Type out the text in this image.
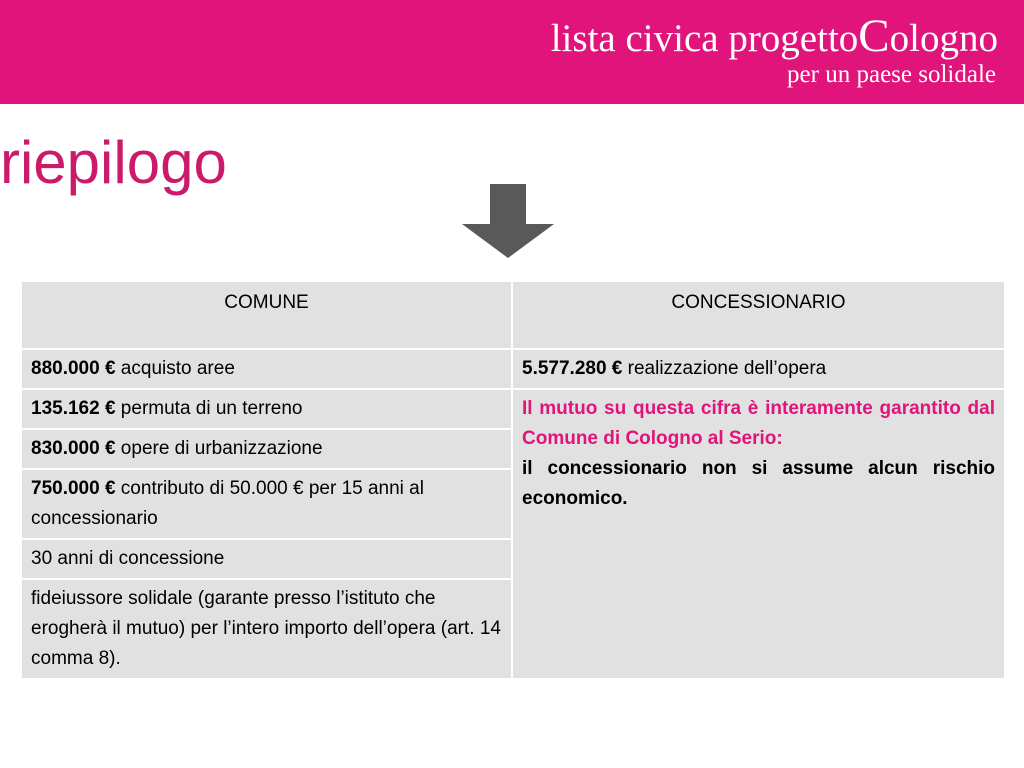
lista civica progettoCologno
per un paese solidale
riepilogo
COMUNE	CONCESSIONARIO
880.000 € acquisto aree	5.577.280 € realizzazione dell’opera
135.162 € permuta di un terreno	Il mutuo su questa cifra è interamente garantito dal Comune di Cologno al Serio:
il concessionario non si assume alcun rischio economico.
830.000 € opere di urbanizzazione	
750.000 € contributo di 50.000 € per 15 anni al concessionario	
30 anni di concessione	
fideiussore solidale (garante presso l’istituto che erogherà il mutuo) per l’intero importo dell’opera (art. 14 comma 8).	
